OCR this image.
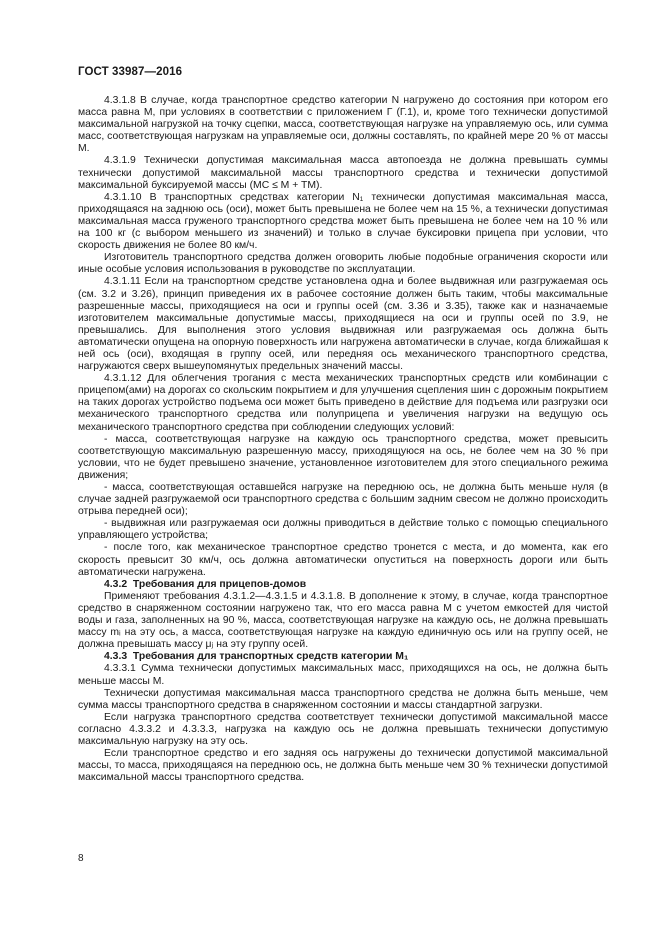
ГОСТ 33987—2016

4.3.1.8 В случае, когда транспортное средство категории N нагружено до состояния при котором его масса равна M, при условиях в соответствии с приложением Г (Г.1), и, кроме того технически допустимой максимальной нагрузкой на точку сцепки, масса, соответствующая нагрузке на управляемую ось, или сумма масс, соответствующая нагрузкам на управляемые оси, должны составлять, по крайней мере 20 % от массы M.

4.3.1.9 Технически допустимая максимальная масса автопоезда не должна превышать суммы технически допустимой максимальной массы транспортного средства и технически допустимой максимальной буксируемой массы (MC ≤ M + TM).

4.3.1.10 В транспортных средствах категории N₁ технически допустимая максимальная масса, приходящаяся на заднюю ось (оси), может быть превышена не более чем на 15 %, а технически допустимая максимальная масса груженого транспортного средства может быть превышена не более чем на 10 % или на 100 кг (с выбором меньшего из значений) и только в случае буксировки прицепа при условии, что скорость движения не более 80 км/ч.

Изготовитель транспортного средства должен оговорить любые подобные ограничения скорости или иные особые условия использования в руководстве по эксплуатации.

4.3.1.11 Если на транспортном средстве установлена одна и более выдвижная или разгружаемая ось (см. 3.2 и 3.26), принцип приведения их в рабочее состояние должен быть таким, чтобы максимальные разрешенные массы, приходящиеся на оси и группы осей (см. 3.36 и 3.35), также как и назначаемые изготовителем максимальные допустимые массы, приходящиеся на оси и группы осей по 3.9, не превышались. Для выполнения этого условия выдвижная или разгружаемая ось должна быть автоматически опущена на опорную поверхность или нагружена автоматически в случае, когда ближайшая к ней ось (оси), входящая в группу осей, или передняя ось механического транспортного средства, нагружаются сверх вышеупомянутых предельных значений массы.

4.3.1.12 Для облегчения трогания с места механических транспортных средств или комбинации с прицепом(ами) на дорогах со скольским покрытием и для улучшения сцепления шин с дорожным покрытием на таких дорогах устройство подъема оси может быть приведено в действие для подъема или разгрузки оси механического транспортного средства или полуприцепа и увеличения нагрузки на ведущую ось механического транспортного средства при соблюдении следующих условий:

- масса, соответствующая нагрузке на каждую ось транспортного средства, может превысить соответствующую максимальную разрешенную массу, приходящуюся на ось, не более чем на 30 % при условии, что не будет превышено значение, установленное изготовителем для этого специального режима движения;

- масса, соответствующая оставшейся нагрузке на переднюю ось, не должна быть меньше нуля (в случае задней разгружаемой оси транспортного средства с большим задним свесом не должно происходить отрыва передней оси);

- выдвижная или разгружаемая оси должны приводиться в действие только с помощью специального управляющего устройства;

- после того, как механическое транспортное средство тронется с места, и до момента, как его скорость превысит 30 км/ч, ось должна автоматически опуститься на поверхность дороги или быть автоматически нагружена.

4.3.2 Требования для прицепов-домов

Применяют требования 4.3.1.2—4.3.1.5 и 4.3.1.8. В дополнение к этому, в случае, когда транспортное средство в снаряженном состоянии нагружено так, что его масса равна M с учетом емкостей для чистой воды и газа, заполненных на 90 %, масса, соответствующая нагрузке на каждую ось, не должна превышать массу mᵢ на эту ось, а масса, соответствующая нагрузке на каждую единичную ось или на группу осей, не должна превышать массу μⱼ на эту группу осей.

4.3.3 Требования для транспортных средств категории M₁

4.3.3.1 Сумма технически допустимых максимальных масс, приходящихся на ось, не должна быть меньше массы M.

Технически допустимая максимальная масса транспортного средства не должна быть меньше, чем сумма массы транспортного средства в снаряженном состоянии и массы стандартной загрузки.

Если нагрузка транспортного средства соответствует технически допустимой максимальной массе согласно 4.3.3.2 и 4.3.3.3, нагрузка на каждую ось не должна превышать технически допустимую максимальную нагрузку на эту ось.

Если транспортное средство и его задняя ось нагружены до технически допустимой максимальной массы, то масса, приходящаяся на переднюю ось, не должна быть меньше чем 30 % технически допустимой максимальной массы транспортного средства.

8
